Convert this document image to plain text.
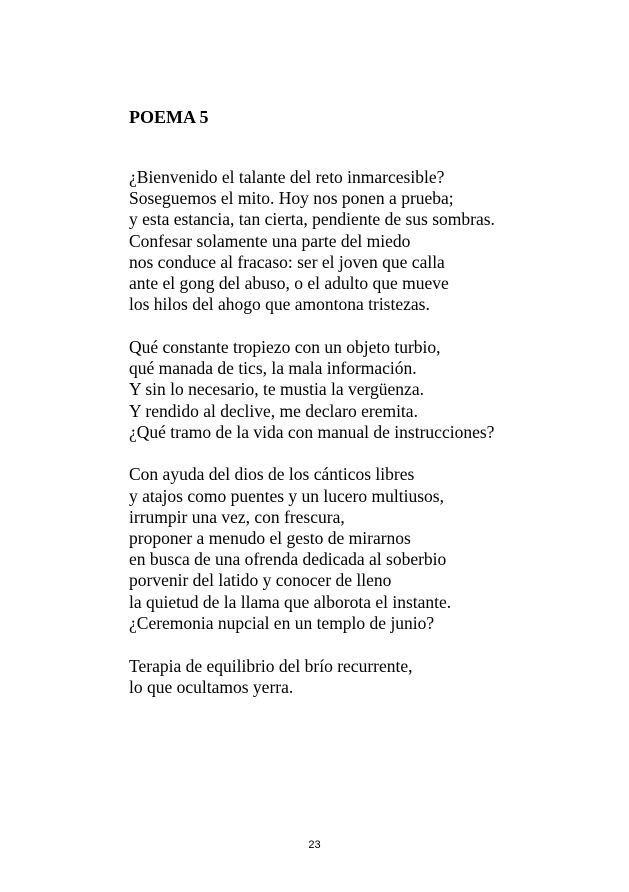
POEMA 5

¿Bienvenido el talante del reto inmarcesible?
Soseguemos el mito. Hoy nos ponen a prueba;
y esta estancia, tan cierta, pendiente de sus sombras.
Confesar solamente una parte del miedo
nos conduce al fracaso: ser el joven que calla
ante el gong del abuso, o el adulto que mueve
los hilos del ahogo que amontona tristezas.

Qué constante tropiezo con un objeto turbio,
qué manada de tics, la mala información.
Y sin lo necesario, te mustia la vergüenza.
Y rendido al declive, me declaro eremita.
¿Qué tramo de la vida con manual de instrucciones?

Con ayuda del dios de los cánticos libres
y atajos como puentes y un lucero multiusos,
irrumpir una vez, con frescura,
proponer a menudo el gesto de mirarnos
en busca de una ofrenda dedicada al soberbio
porvenir del latido y conocer de lleno
la quietud de la llama que alborota el instante.
¿Ceremonia nupcial en un templo de junio?

Terapia de equilibrio del brío recurrente,
lo que ocultamos yerra.

23
